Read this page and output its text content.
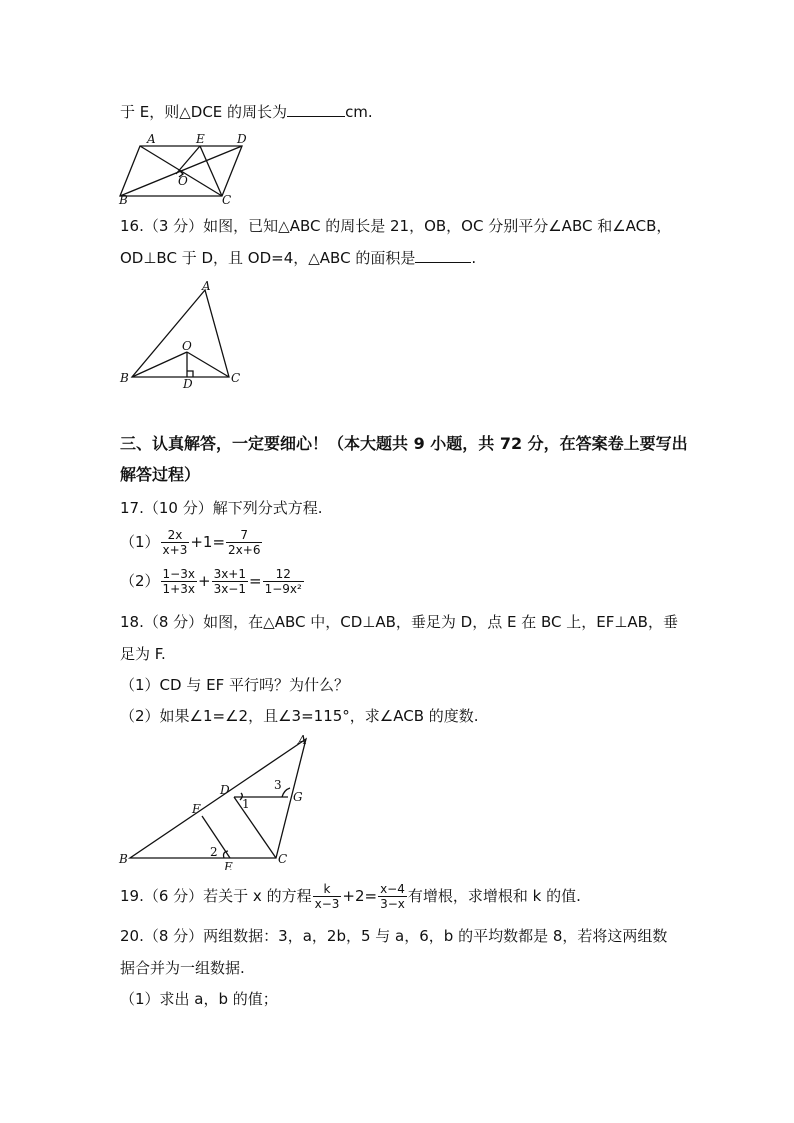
于 E，则△DCE 的周长为	cm.
A	E	D
O
B	C
16.（3 分）如图，已知△ABC 的周长是 21，OB，OC 分别平分∠ABC 和∠ACB，
OD⊥BC 于 D，且 OD=4，△ABC 的面积是	.
A
O
B	D	C
三、认真解答，一定要细心！（本大题共 9 小题，共 72 分，在答案卷上要写出
解答过程）
17.（10 分）解下列分式方程.
$(1) \frac{2x}{x+3} +1= \frac{7}{2x+6}$
$(2) \frac{1-3x}{1+3x} + \frac{3x+1}{3x-1} = \frac{12}{\text{1−9x²}}$
18.（8 分）如图，在△ABC 中，CD⊥AB，垂足为 D，点 E 在 BC 上，EF⊥AB，垂
足为 F.
（1）CD 与 EF 平行吗？为什么？
（2）如果∠1=∠2，且∠3=115°，求∠ACB 的度数.
A
D	G
F
B
E
C
1
2
3
19.（6 分）若关于 x 的方程 $\frac{k}{x-3} +2= \frac{x-4}{3-x}$ 有增根，求增根和 k 的值.
20.（8 分）两组数据：3，a，2b，5 与 a，6，b 的平均数都是 8，若将这两组数
据合并为一组数据.
（1）求出 a，b 的值；
